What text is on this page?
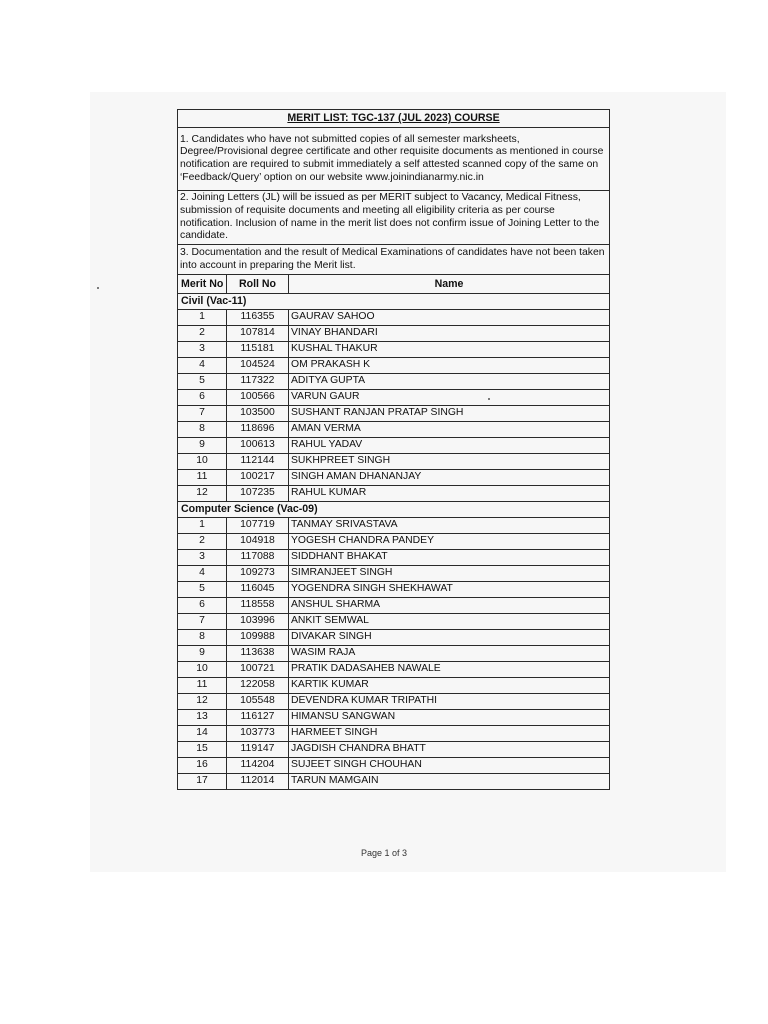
MERIT LIST: TGC-137 (JUL 2023) COURSE		
1. Candidates who have not submitted copies of all semester marksheets, Degree/Provisional degree certificate and other requisite documents as mentioned in course notification are required to submit immediately a self attested scanned copy of the same on ‘Feedback/Query’ option on our website www.joinindianarmy.nic.in		
2. Joining Letters (JL) will be issued as per MERIT subject to Vacancy, Medical Fitness, submission of requisite documents and meeting all eligibility criteria as per course notification. Inclusion of name in the merit list does not confirm issue of Joining Letter to the candidate.		
3. Documentation and the result of Medical Examinations of candidates have not been taken into account in preparing the Merit list.		
Merit No	Roll No	Name
Civil (Vac-11)		
1	116355	GAURAV SAHOO
2	107814	VINAY BHANDARI
3	115181	KUSHAL THAKUR
4	104524	OM PRAKASH K
5	117322	ADITYA GUPTA
6	100566	VARUN GAUR
7	103500	SUSHANT RANJAN PRATAP SINGH
8	118696	AMAN VERMA
9	100613	RAHUL YADAV
10	112144	SUKHPREET SINGH
11	100217	SINGH AMAN DHANANJAY
12	107235	RAHUL KUMAR
Computer Science (Vac-09)		
1	107719	TANMAY SRIVASTAVA
2	104918	YOGESH CHANDRA PANDEY
3	117088	SIDDHANT BHAKAT
4	109273	SIMRANJEET SINGH
5	116045	YOGENDRA SINGH SHEKHAWAT
6	118558	ANSHUL SHARMA
7	103996	ANKIT SEMWAL
8	109988	DIVAKAR SINGH
9	113638	WASIM RAJA
10	100721	PRATIK DADASAHEB NAWALE
11	122058	KARTIK KUMAR
12	105548	DEVENDRA KUMAR TRIPATHI
13	116127	HIMANSU SANGWAN
14	103773	HARMEET SINGH
15	119147	JAGDISH CHANDRA BHATT
16	114204	SUJEET SINGH CHOUHAN
17	112014	TARUN MAMGAIN
Page 1 of 3
